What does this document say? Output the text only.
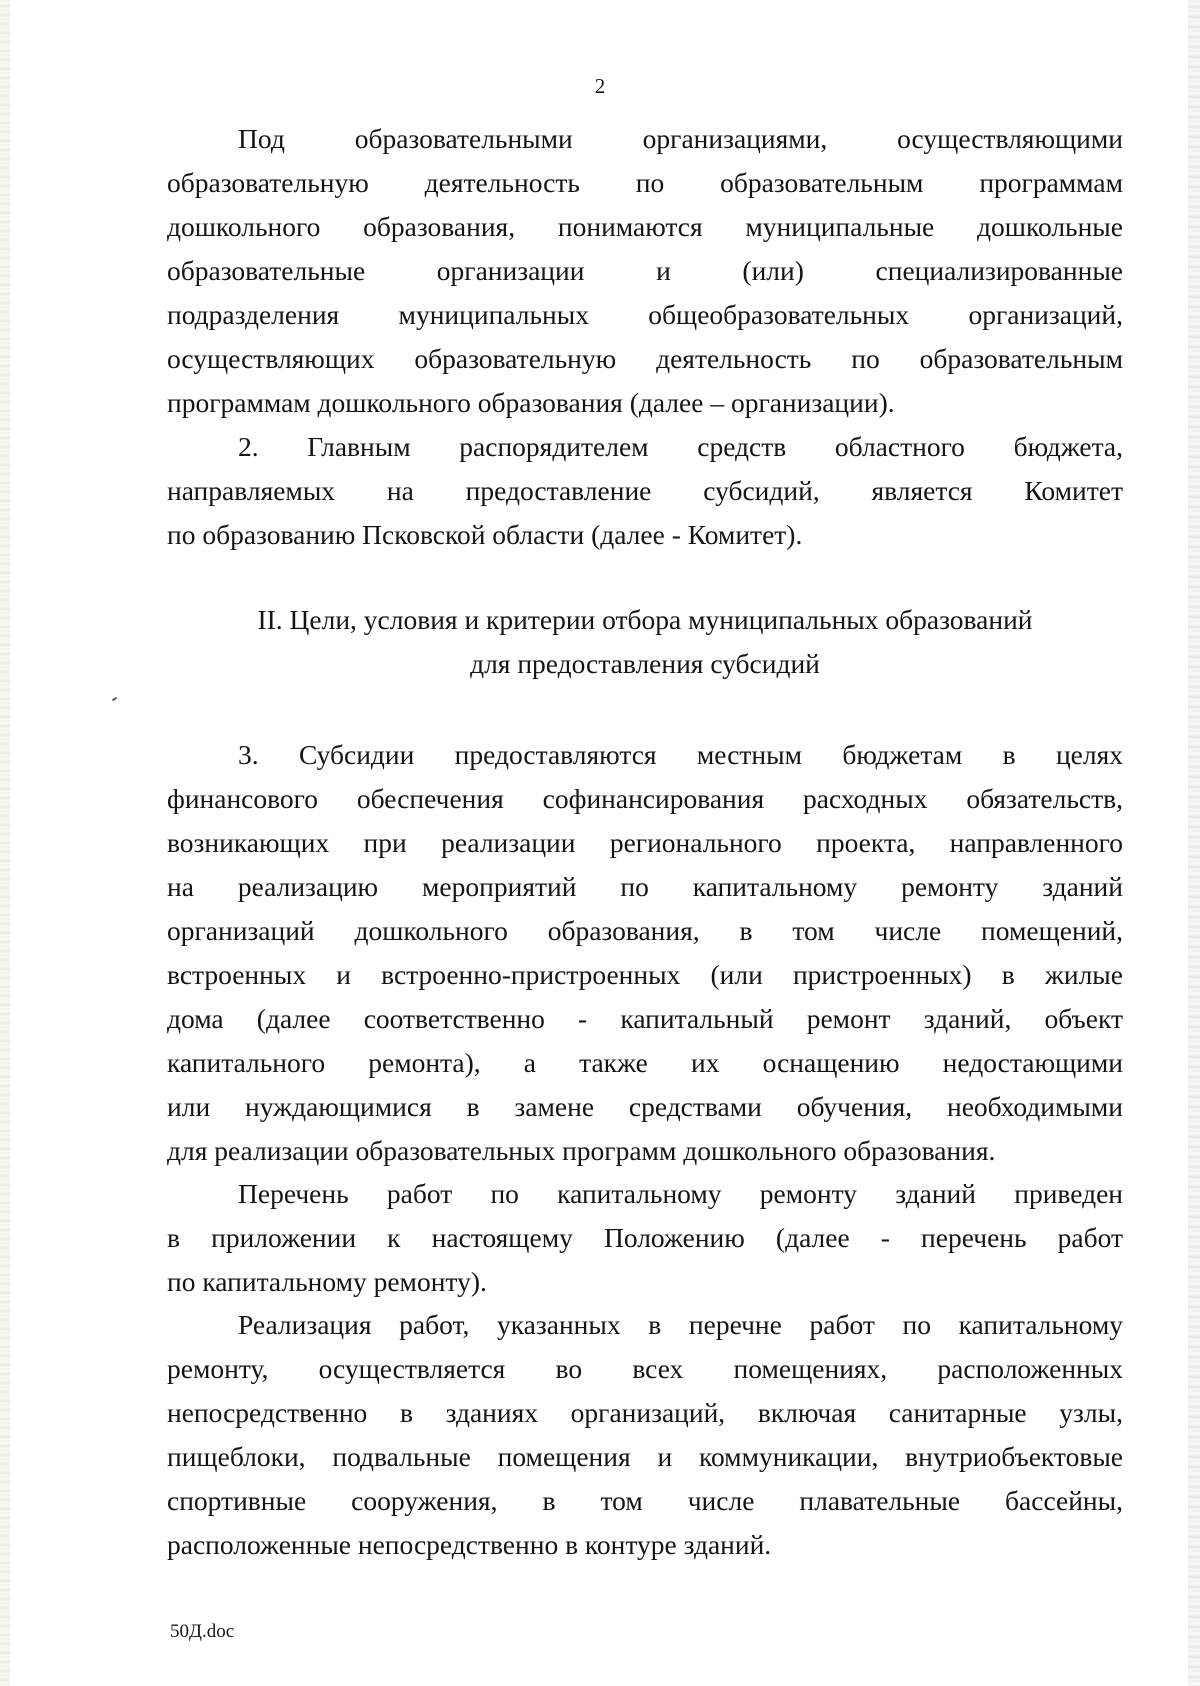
2

Под образовательными организациями, осуществляющими

образовательную деятельность по образовательным программам

дошкольного образования, понимаются муниципальные дошкольные

образовательные организации и (или) специализированные

подразделения муниципальных общеобразовательных организаций,

осуществляющих образовательную деятельность по образовательным

программам дошкольного образования (далее – организации).

2. Главным распорядителем средств областного бюджета,

направляемых на предоставление субсидий, является Комитет

по образованию Псковской области (далее - Комитет).

II. Цели, условия и критерии отбора муниципальных образований
для предоставления субсидий

3. Субсидии предоставляются местным бюджетам в целях

финансового обеспечения софинансирования расходных обязательств,

возникающих при реализации регионального проекта, направленного

на реализацию мероприятий по капитальному ремонту зданий

организаций дошкольного образования, в том числе помещений,

встроенных и встроенно-пристроенных (или пристроенных) в жилые

дома (далее соответственно - капитальный ремонт зданий, объект

капитального ремонта), а также их оснащению недостающими

или нуждающимися в замене средствами обучения, необходимыми

для реализации образовательных программ дошкольного образования.

Перечень работ по капитальному ремонту зданий приведен

в приложении к настоящему Положению (далее - перечень работ

по капитальному ремонту).

Реализация работ, указанных в перечне работ по капитальному

ремонту, осуществляется во всех помещениях, расположенных

непосредственно в зданиях организаций, включая санитарные узлы,

пищеблоки, подвальные помещения и коммуникации, внутриобъектовые

спортивные сооружения, в том числе плавательные бассейны,

расположенные непосредственно в контуре зданий.

50Д.doc
